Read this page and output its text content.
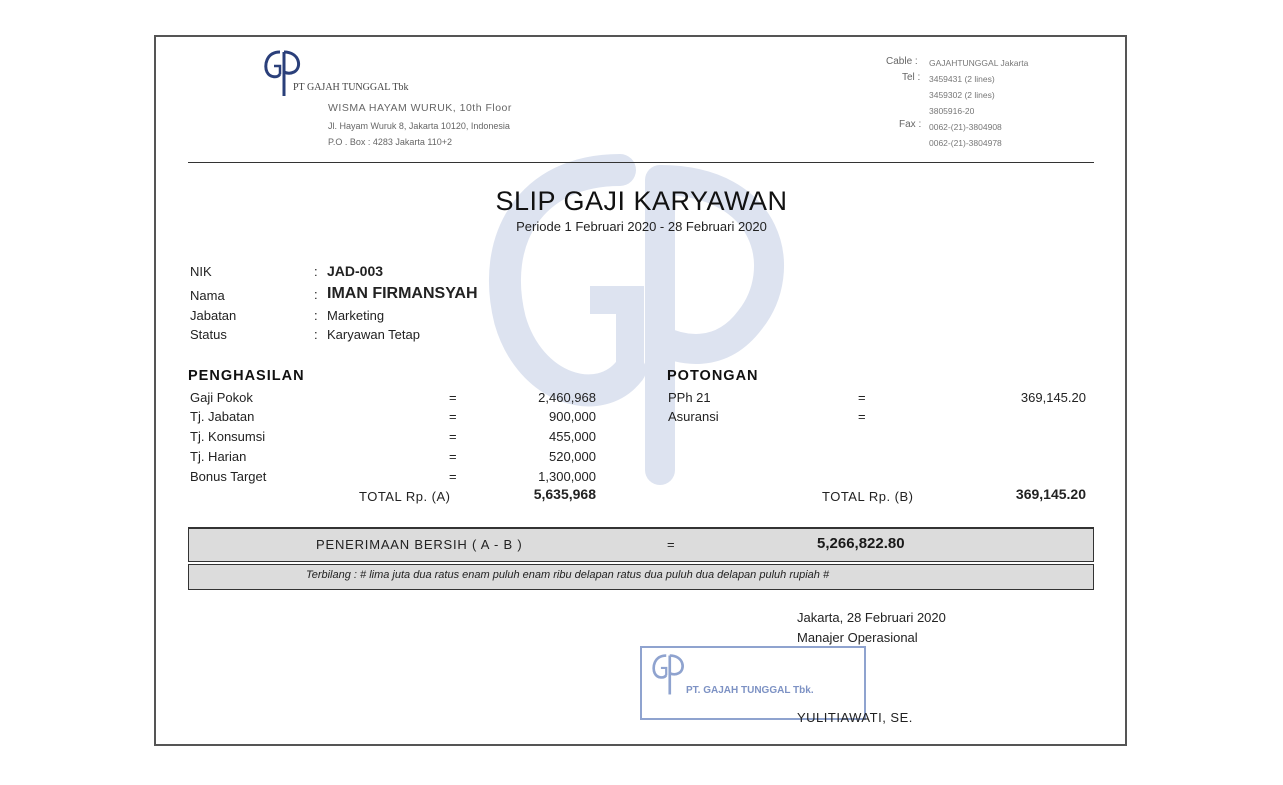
PT GAJAH TUNGGAL Tbk
WISMA HAYAM WURUK, 10th Floor
Jl. Hayam Wuruk 8, Jakarta 10120, Indonesia
P.O . Box : 4283 Jakarta 110+2
Cable : GAJAHTUNGGAL Jakarta
Tel : 3459431 (2 lines)
3459302 (2 lines)
3805916-20
Fax : 0062-(21)-3804908
0062-(21)-3804978
SLIP GAJI KARYAWAN
Periode 1 Februari 2020 - 28 Februari 2020
NIK	: JAD-003
Nama	: IMAN FIRMANSYAH
Jabatan	: Marketing
Status	: Karyawan Tetap
PENGHASILAN
Gaji Pokok	=	2,460,968
Tj. Jabatan	=	900,000
Tj. Konsumsi	=	455,000
Tj. Harian	=	520,000
Bonus Target	=	1,300,000
TOTAL Rp. (A)	5,635,968
POTONGAN
PPh 21	=	369,145.20
Asuransi	=
TOTAL Rp. (B)	369,145.20
PENERIMAAN BERSIH ( A - B )	=	5,266,822.80
Terbilang : # lima juta dua ratus enam puluh enam ribu delapan ratus dua puluh dua delapan puluh rupiah #
Jakarta, 28 Februari 2020
Manajer Operasional
PT. GAJAH TUNGGAL Tbk.
YULITIAWATI, SE.
